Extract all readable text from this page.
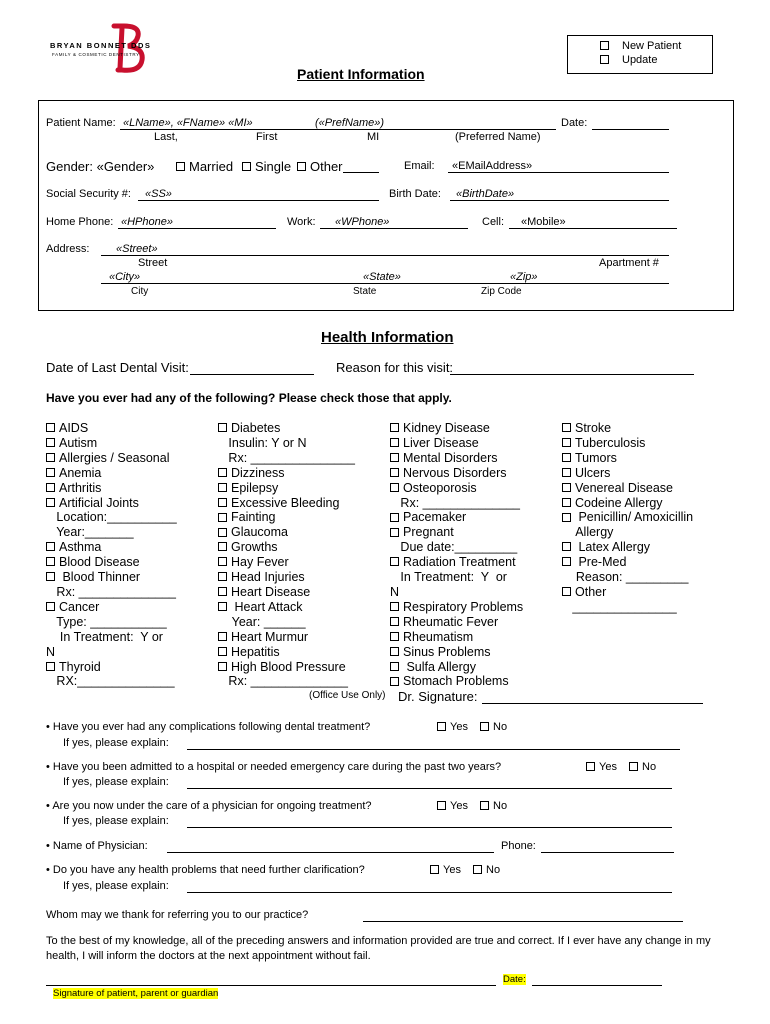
BRYAN BONNET DDS
FAMILY & COSMETIC DENTISTRY
New Patient
Update
Patient Information
Patient Name: «LName», «FName» «MI»	(«PrefName»)	Date:
Last,	First	MI	(Preferred Name)
Gender: «Gender»	Married	Single	Other	Email: «EMailAddress»
Social Security #: «SS»	Birth Date: «BirthDate»
Home Phone: «HPhone»	Work: «WPhone»	Cell: «Mobile»
Address: «Street»
Street	Apartment #
«City»	«State»	«Zip»
City	State	Zip Code
Health Information
Date of Last Dental Visit:	Reason for this visit:
Have you ever had any of the following? Please check those that apply.
AIDS
Autism
Allergies / Seasonal
Anemia
Arthritis
Artificial Joints
Location:__________
Year:_______
Asthma
Blood Disease
Blood Thinner
Rx: ______________
Cancer
Type: ___________
In Treatment:  Y or
N
Thyroid
RX:______________
Diabetes
Insulin: Y or N
Rx: _______________
Dizziness
Epilepsy
Excessive Bleeding
Fainting
Glaucoma
Growths
Hay Fever
Head Injuries
Heart Disease
Heart Attack
Year: ______
Heart Murmur
Hepatitis
High Blood Pressure
Rx: ______________
Kidney Disease
Liver Disease
Mental Disorders
Nervous Disorders
Osteoporosis
Rx: ______________
Pacemaker
Pregnant
Due date:_________
Radiation Treatment
In Treatment:  Y  or
N
Respiratory Problems
Rheumatic Fever
Rheumatism
Sinus Problems
Sulfa Allergy
Stomach Problems
Stroke
Tuberculosis
Tumors
Ulcers
Venereal Disease
Codeine Allergy
Penicillin/ Amoxicillin
Allergy
Latex Allergy
Pre-Med
Reason: _________
Other
_______________
(Office Use Only) Dr. Signature:
• Have you ever had any complications following dental treatment?	Yes	No
If yes, please explain:
• Have you been admitted to a hospital or needed emergency care during the past two years?	Yes	No
If yes, please explain:
• Are you now under the care of a physician for ongoing treatment?	Yes	No
If yes, please explain:
• Name of Physician:	Phone:
• Do you have any health problems that need further clarification?	Yes	No
If yes, please explain:
Whom may we thank for referring you to our practice?
To the best of my knowledge, all of the preceding answers and information provided are true and correct. If I ever have any change in my health, I will inform the doctors at the next appointment without fail.
Date:
Signature of patient, parent or guardian
